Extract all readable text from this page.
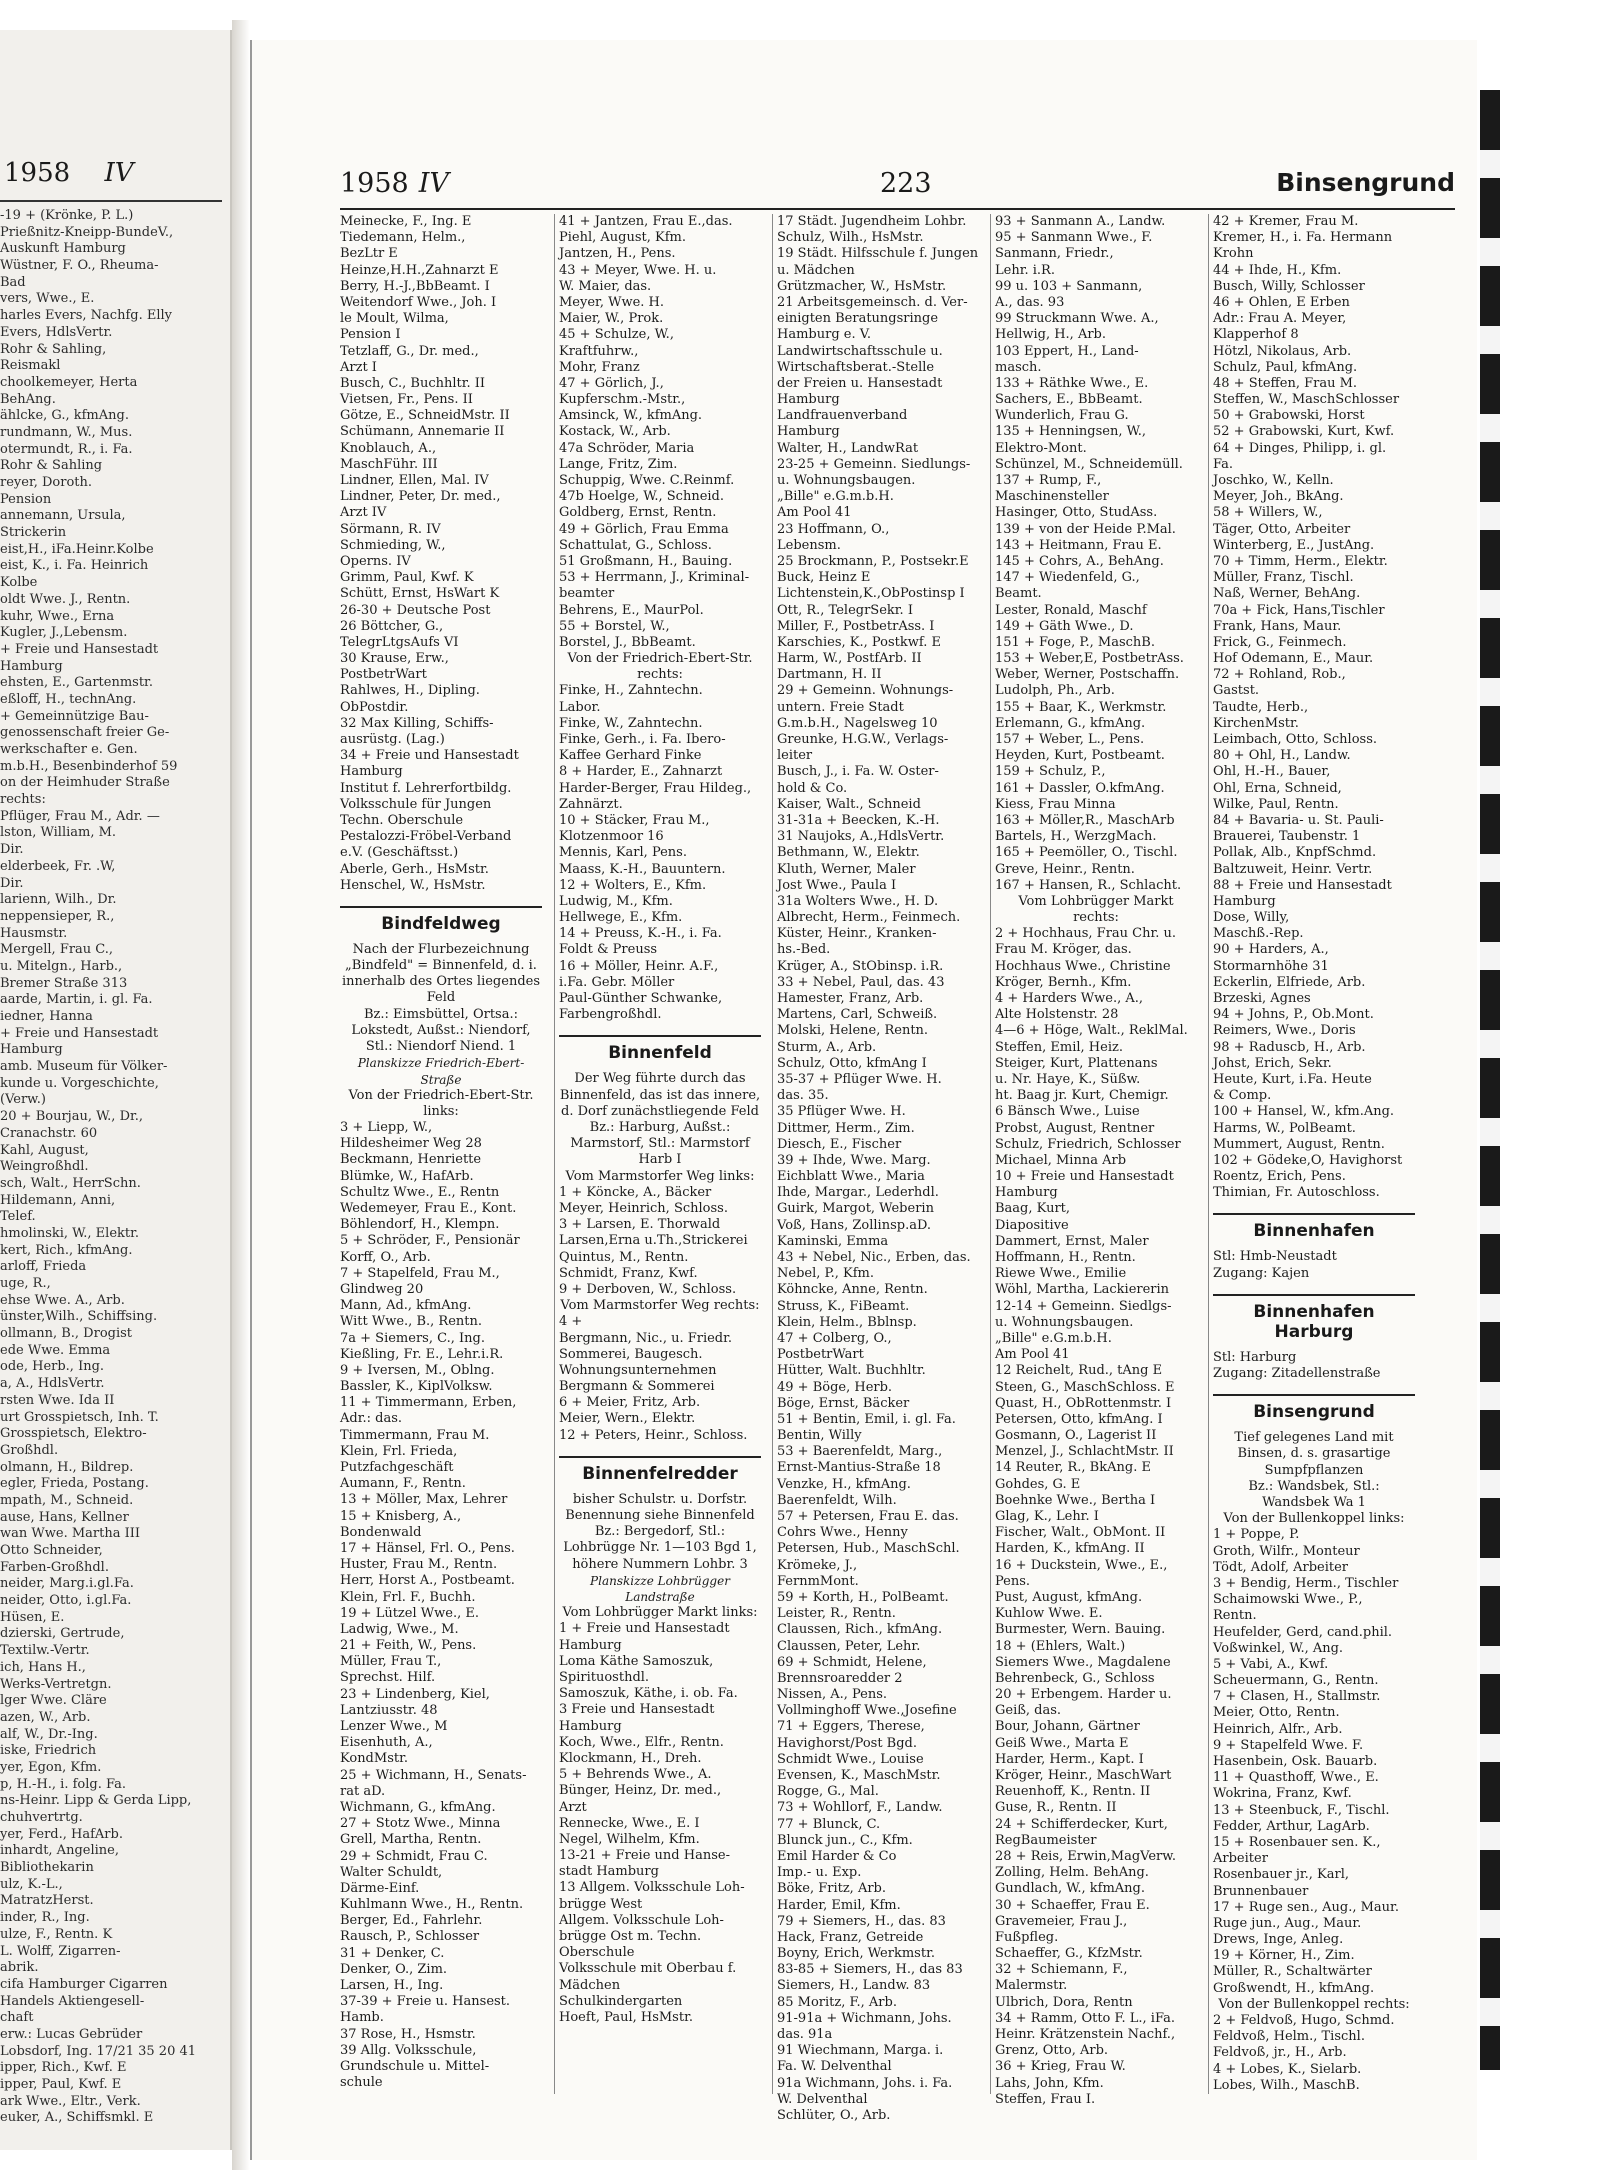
1958 IV
-19 + (Krönke, P. L.)
Prießnitz-Kneipp-BundeV.,
Auskunft Hamburg
Wüstner, F. O., Rheuma-
Bad
vers, Wwe., E.
harles Evers, Nachfg. Elly
Evers, HdlsVertr.
Rohr & Sahling,
Reismakl
choolkemeyer, Herta
BehAng.
ählcke, G., kfmAng.
rundmann, W., Mus.
otermundt, R., i. Fa.
Rohr & Sahling
reyer, Doroth.
Pension
annemann, Ursula,
Strickerin
eist,H., iFa.Heinr.Kolbe
eist, K., i. Fa. Heinrich
Kolbe
oldt Wwe. J., Rentn.
kuhr, Wwe., Erna
Kugler, J.,Lebensm.
+ Freie und Hansestadt
Hamburg
ehsten, E., Gartenmstr.
eßloff, H., technAng.
+ Gemeinnützige Bau-
genossenschaft freier Ge-
werkschafter e. Gen.
m.b.H., Besenbinderhof 59
on der Heimhuder Straße
rechts:
Pflüger, Frau M., Adr. —
lston, William, M.
Dir.
elderbeek, Fr. .W,
Dir.
larienn, Wilh., Dr.
neppensieper, R.,
Hausmstr.
Mergell, Frau C.,
u. Mitelgn., Harb.,
Bremer Straße 313
aarde, Martin, i. gl. Fa.
iedner, Hanna
+ Freie und Hansestadt
Hamburg
amb. Museum für Völker-
kunde u. Vorgeschichte,
(Verw.)
20 + Bourjau, W., Dr.,
Cranachstr. 60
Kahl, August,
Weingroßhdl.
sch, Walt., HerrSchn.
Hildemann, Anni,
Telef.
hmolinski, W., Elektr.
kert, Rich., kfmAng.
arloff, Frieda
uge, R.,
ehse Wwe. A., Arb.
ünster,Wilh., Schiffsing.
ollmann, B., Drogist
ede Wwe. Emma
ode, Herb., Ing.
a, A., HdlsVertr.
rsten Wwe. Ida II
urt Grosspietsch, Inh. T.
Grosspietsch, Elektro-
Großhdl.
olmann, H., Bildrep.
egler, Frieda, Postang.
mpath, M., Schneid.
ause, Hans, Kellner
wan Wwe. Martha III
Otto Schneider,
Farben-Großhdl.
neider, Marg.i.gl.Fa.
neider, Otto, i.gl.Fa.
Hüsen, E.
dzierski, Gertrude,
Textilw.-Vertr.
ich, Hans H.,
Werks-Vertretgn.
lger Wwe. Cläre
azen, W., Arb.
alf, W., Dr.-Ing.
iske, Friedrich
yer, Egon, Kfm.
p, H.-H., i. folg. Fa.
ns-Heinr. Lipp & Gerda Lipp,
chuhvertrtg.
yer, Ferd., HafArb.
inhardt, Angeline,
Bibliothekarin
ulz, K.-L.,
MatratzHerst.
inder, R., Ing.
ulze, F., Rentn. K
L. Wolff, Zigarren-
abrik.
cifa Hamburger Cigarren
Handels Aktiengesell-
chaft
erw.: Lucas Gebrüder
Lobsdorf, Ing. 17/21 35 20 41
ipper, Rich., Kwf. E
ipper, Paul, Kwf. E
ark Wwe., Eltr., Verk.
euker, A., Schiffsmkl. E
1958 IV	223	Binsengrund
Meinecke, F., Ing. E
Tiedemann, Helm.,
BezLtr E
Heinze,H.H.,Zahnarzt E
Berry, H.-J.,BbBeamt. I
Weitendorf Wwe., Joh. I
le Moult, Wilma,
Pension I
Tetzlaff, G., Dr. med.,
Arzt I
Busch, C., Buchhltr. II
Vietsen, Fr., Pens. II
Götze, E., SchneidMstr. II
Schümann, Annemarie II
Knoblauch, A.,
MaschFühr. III
Lindner, Ellen, Mal. IV
Lindner, Peter, Dr. med.,
Arzt IV
Sörmann, R. IV
Schmieding, W.,
Operns. IV
Grimm, Paul, Kwf. K
Schütt, Ernst, HsWart K
26-30 + Deutsche Post
26 Böttcher, G.,
TelegrLtgsAufs VI
30 Krause, Erw.,
PostbetrWart
Rahlwes, H., Dipling.
ObPostdir.
32 Max Killing, Schiffs-
ausrüstg. (Lag.)
34 + Freie und Hansestadt
Hamburg
Institut f. Lehrerfortbildg.
Volksschule für Jungen
Techn. Oberschule
Pestalozzi-Fröbel-Verband
e.V. (Geschäftsst.)
Aberle, Gerh., HsMstr.
Henschel, W., HsMstr.
Bindfeldweg
Nach der Flurbezeichnung „Bindfeld" = Binnenfeld, d. i. innerhalb des Ortes liegendes Feld
Bz.: Eimsbüttel, Ortsa.: Lokstedt, Außst.: Niendorf, Stl.: Niendorf Niend. 1
Planskizze Friedrich-Ebert-Straße
Von der Friedrich-Ebert-Str. links:
3 + Liepp, W.,
Hildesheimer Weg 28
Beckmann, Henriette
Blümke, W., HafArb.
Schultz Wwe., E., Rentn
Wedemeyer, Frau E., Kont.
Böhlendorf, H., Klempn.
5 + Schröder, F., Pensionär
Korff, O., Arb.
7 + Stapelfeld, Frau M.,
Glindweg 20
Mann, Ad., kfmAng.
Witt Wwe., B., Rentn.
7a + Siemers, C., Ing.
Kießling, Fr. E., Lehr.i.R.
9 + Iversen, M., Oblng.
Bassler, K., KiplVolksw.
11 + Timmermann, Erben,
Adr.: das.
Timmermann, Frau M.
Klein, Frl. Frieda,
Putzfachgeschäft
Aumann, F., Rentn.
13 + Möller, Max, Lehrer
15 + Knisberg, A.,
Bondenwald
17 + Hänsel, Frl. O., Pens.
Huster, Frau M., Rentn.
Herr, Horst A., Postbeamt.
Klein, Frl. F., Buchh.
19 + Lützel Wwe., E.
Ladwig, Wwe., M.
21 + Feith, W., Pens.
Müller, Frau T.,
Sprechst. Hilf.
23 + Lindenberg, Kiel,
Lantziusstr. 48
Lenzer Wwe., M
Eisenhuth, A.,
KondMstr.
25 + Wichmann, H., Senats-
rat aD.
Wichmann, G., kfmAng.
27 + Stotz Wwe., Minna
Grell, Martha, Rentn.
29 + Schmidt, Frau C.
Walter Schuldt,
Därme-Einf.
Kuhlmann Wwe., H., Rentn.
Berger, Ed., Fahrlehr.
Rausch, P., Schlosser
31 + Denker, C.
Denker, O., Zim.
Larsen, H., Ing.
37-39 + Freie u. Hansest.
Hamb.
37 Rose, H., Hsmstr.
39 Allg. Volksschule,
Grundschule u. Mittel-
schule
41 + Jantzen, Frau E.,das.
Piehl, August, Kfm.
Jantzen, H., Pens.
43 + Meyer, Wwe. H. u.
W. Maier, das.
Meyer, Wwe. H.
Maier, W., Prok.
45 + Schulze, W.,
Kraftfuhrw.,
Mohr, Franz
47 + Görlich, J.,
Kupferschm.-Mstr.,
Amsinck, W., kfmAng.
Kostack, W., Arb.
47a Schröder, Maria
Lange, Fritz, Zim.
Schuppig, Wwe. C.Reinmf.
47b Hoelge, W., Schneid.
Goldberg, Ernst, Rentn.
49 + Görlich, Frau Emma
Schattulat, G., Schloss.
51 Großmann, H., Bauing.
53 + Herrmann, J., Kriminal-
beamter
Behrens, E., MaurPol.
55 + Borstel, W.,
Borstel, J., BbBeamt.
Von der Friedrich-Ebert-Str. rechts:
Finke, H., Zahntechn.
Labor.
Finke, W., Zahntechn.
Finke, Gerh., i. Fa. Ibero-
Kaffee Gerhard Finke
8 + Harder, E., Zahnarzt
Harder-Berger, Frau Hildeg.,
Zahnärzt.
10 + Stäcker, Frau M.,
Klotzenmoor 16
Mennis, Karl, Pens.
Maass, K.-H., Bauuntern.
12 + Wolters, E., Kfm.
Ludwig, M., Kfm.
Hellwege, E., Kfm.
14 + Preuss, K.-H., i. Fa.
Foldt & Preuss
16 + Möller, Heinr. A.F.,
i.Fa. Gebr. Möller
Paul-Günther Schwanke,
Farbengroßhdl.
Binnenfeld
Der Weg führte durch das Binnenfeld, das ist das innere, d. Dorf zunächstliegende Feld
Bz.: Harburg, Außst.: Marmstorf, Stl.: Marmstorf Harb I
Vom Marmstorfer Weg links:
1 + Köncke, A., Bäcker
Meyer, Heinrich, Schloss.
3 + Larsen, E. Thorwald
Larsen,Erna u.Th.,Strickerei
Quintus, M., Rentn.
Schmidt, Franz, Kwf.
9 + Derboven, W., Schloss.
Vom Marmstorfer Weg rechts:
4 +
Bergmann, Nic., u. Friedr.
Sommerei, Baugesch.
Wohnungsunternehmen
Bergmann & Sommerei
6 + Meier, Fritz, Arb.
Meier, Wern., Elektr.
12 + Peters, Heinr., Schloss.
Binnenfelredder
bisher Schulstr. u. Dorfstr.
Benennung siehe Binnenfeld
Bz.: Bergedorf, Stl.: Lohbrügge Nr. 1—103 Bgd 1, höhere Nummern Lohbr. 3
Planskizze Lohbrügger Landstraße
Vom Lohbrügger Markt links:
1 + Freie und Hansestadt
Hamburg
Loma Käthe Samoszuk,
Spirituosthdl.
Samoszuk, Käthe, i. ob. Fa.
3 Freie und Hansestadt
Hamburg
Koch, Wwe., Elfr., Rentn.
Klockmann, H., Dreh.
5 + Behrends Wwe., A.
Bünger, Heinz, Dr. med.,
Arzt
Rennecke, Wwe., E. I
Negel, Wilhelm, Kfm.
13-21 + Freie und Hanse-
stadt Hamburg
13 Allgem. Volksschule Loh-
brügge West
Allgem. Volksschule Loh-
brügge Ost m. Techn.
Oberschule
Volksschule mit Oberbau f.
Mädchen
Schulkindergarten
Hoeft, Paul, HsMstr.
17 Städt. Jugendheim Lohbr.
Schulz, Wilh., HsMstr.
19 Städt. Hilfsschule f. Jungen
u. Mädchen
Grützmacher, W., HsMstr.
21 Arbeitsgemeinsch. d. Ver-
einigten Beratungsringe
Hamburg e. V.
Landwirtschaftsschule u.
Wirtschaftsberat.-Stelle
der Freien u. Hansestadt
Hamburg
Landfrauenverband
Hamburg
Walter, H., LandwRat
23-25 + Gemeinn. Siedlungs-
u. Wohnungsbaugen.
„Bille" e.G.m.b.H.
Am Pool 41
23 Hoffmann, O.,
Lebensm.
25 Brockmann, P., Postsekr.E
Buck, Heinz E
Lichtenstein,K.,ObPostinsp I
Ott, R., TelegrSekr. I
Miller, F., PostbetrAss. I
Karschies, K., Postkwf. E
Harm, W., PostfArb. II
Dartmann, H. II
29 + Gemeinn. Wohnungs-
untern. Freie Stadt
G.m.b.H., Nagelsweg 10
Greunke, H.G.W., Verlags-
leiter
Busch, J., i. Fa. W. Oster-
hold & Co.
Kaiser, Walt., Schneid
31-31a + Beecken, K.-H.
31 Naujoks, A.,HdlsVertr.
Bethmann, W., Elektr.
Kluth, Werner, Maler
Jost Wwe., Paula I
31a Wolters Wwe., H. D.
Albrecht, Herm., Feinmech.
Küster, Heinr., Kranken-
hs.-Bed.
Krüger, A., StObinsp. i.R.
33 + Nebel, Paul, das. 43
Hamester, Franz, Arb.
Martens, Carl, Schweiß.
Molski, Helene, Rentn.
Sturm, A., Arb.
Schulz, Otto, kfmAng I
35-37 + Pflüger Wwe. H.
das. 35.
35 Pflüger Wwe. H.
Dittmer, Herm., Zim.
Diesch, E., Fischer
39 + Ihde, Wwe. Marg.
Eichblatt Wwe., Maria
Ihde, Margar., Lederhdl.
Guirk, Margot, Weberin
Voß, Hans, Zollinsp.aD.
Kaminski, Emma
43 + Nebel, Nic., Erben, das.
Nebel, P., Kfm.
Köhncke, Anne, Rentn.
Struss, K., FiBeamt.
Klein, Helm., Bblnsp.
47 + Colberg, O.,
PostbetrWart
Hütter, Walt. Buchhltr.
49 + Böge, Herb.
Böge, Ernst, Bäcker
51 + Bentin, Emil, i. gl. Fa.
Bentin, Willy
53 + Baerenfeldt, Marg.,
Ernst-Mantius-Straße 18
Venzke, H., kfmAng.
Baerenfeldt, Wilh.
57 + Petersen, Frau E. das.
Cohrs Wwe., Henny
Petersen, Hub., MaschSchl.
Krömeke, J.,
FernmMont.
59 + Korth, H., PolBeamt.
Leister, R., Rentn.
Claussen, Rich., kfmAng.
Claussen, Peter, Lehr.
69 + Schmidt, Helene,
Brennsroaredder 2
Nissen, A., Pens.
Vollminghoff Wwe.,Josefine
71 + Eggers, Therese,
Havighorst/Post Bgd.
Schmidt Wwe., Louise
Evensen, K., MaschMstr.
Rogge, G., Mal.
73 + Wohllorf, F., Landw.
77 + Blunck, C.
Blunck jun., C., Kfm.
Emil Harder & Co
Imp.- u. Exp.
Böke, Fritz, Arb.
Harder, Emil, Kfm.
79 + Siemers, H., das. 83
Hack, Franz, Getreide
Boyny, Erich, Werkmstr.
83-85 + Siemers, H., das 83
Siemers, H., Landw. 83
85 Moritz, F., Arb.
91-91a + Wichmann, Johs.
das. 91a
91 Wiechmann, Marga. i.
Fa. W. Delventhal
91a Wichmann, Johs. i. Fa.
W. Delventhal
Schlüter, O., Arb.
93 + Sanmann A., Landw.
95 + Sanmann Wwe., F.
Sanmann, Friedr.,
Lehr. i.R.
99 u. 103 + Sanmann,
A., das. 93
99 Struckmann Wwe. A.,
Hellwig, H., Arb.
103 Eppert, H., Land-
masch.
133 + Räthke Wwe., E.
Sachers, E., BbBeamt.
Wunderlich, Frau G.
135 + Henningsen, W.,
Elektro-Mont.
Schünzel, M., Schneidemüll.
137 + Rump, F.,
Maschinensteller
Hasinger, Otto, StudAss.
139 + von der Heide P.Mal.
143 + Heitmann, Frau E.
145 + Cohrs, A., BehAng.
147 + Wiedenfeld, G.,
Beamt.
Lester, Ronald, Maschf
149 + Gäth Wwe., D.
151 + Foge, P., MaschB.
153 + Weber,E, PostbetrAss.
Weber, Werner, Postschaffn.
Ludolph, Ph., Arb.
155 + Baar, K., Werkmstr.
Erlemann, G., kfmAng.
157 + Weber, L., Pens.
Heyden, Kurt, Postbeamt.
159 + Schulz, P.,
161 + Dassler, O.kfmAng.
Kiess, Frau Minna
163 + Möller,R., MaschArb
Bartels, H., WerzgMach.
165 + Peemöller, O., Tischl.
Greve, Heinr., Rentn.
167 + Hansen, R., Schlacht.
Vom Lohbrügger Markt rechts:
2 + Hochhaus, Frau Chr. u.
Frau M. Kröger, das.
Hochhaus Wwe., Christine
Kröger, Bernh., Kfm.
4 + Harders Wwe., A.,
Alte Holstenstr. 28
4—6 + Höge, Walt., ReklMal.
Steffen, Emil, Heiz.
Steiger, Kurt, Plattenans
u. Nr. Haye, K., Süßw.
ht. Baag jr. Kurt, Chemigr.
6 Bänsch Wwe., Luise
Probst, August, Rentner
Schulz, Friedrich, Schlosser
Michael, Minna Arb
10 + Freie und Hansestadt
Hamburg
Baag, Kurt,
Diapositive
Dammert, Ernst, Maler
Hoffmann, H., Rentn.
Riewe Wwe., Emilie
Wöhl, Martha, Lackiererin
12-14 + Gemeinn. Siedlgs-
u. Wohnungsbaugen.
„Bille" e.G.m.b.H.
Am Pool 41
12 Reichelt, Rud., tAng E
Steen, G., MaschSchloss. E
Quast, H., ObRottenmstr. I
Petersen, Otto, kfmAng. I
Gosmann, O., Lagerist II
Menzel, J., SchlachtMstr. II
14 Reuter, R., BkAng. E
Gohdes, G. E
Boehnke Wwe., Bertha I
Glag, K., Lehr. I
Fischer, Walt., ObMont. II
Harden, K., kfmAng. II
16 + Duckstein, Wwe., E.,
Pens.
Pust, August, kfmAng.
Kuhlow Wwe. E.
Burmester, Wern. Bauing.
18 + (Ehlers, Walt.)
Siemers Wwe., Magdalene
Behrenbeck, G., Schloss
20 + Erbengem. Harder u.
Geiß, das.
Bour, Johann, Gärtner
Geiß Wwe., Marta E
Harder, Herm., Kapt. I
Kröger, Heinr., MaschWart
Reuenhoff, K., Rentn. II
Guse, R., Rentn. II
24 + Schifferdecker, Kurt,
RegBaumeister
28 + Reis, Erwin,MagVerw.
Zolling, Helm. BehAng.
Gundlach, W., kfmAng.
30 + Schaeffer, Frau E.
Gravemeier, Frau J.,
Fußpfleg.
Schaeffer, G., KfzMstr.
32 + Schiemann, F.,
Malermstr.
Ulbrich, Dora, Rentn
34 + Ramm, Otto F. L., iFa.
Heinr. Krätzenstein Nachf.,
Grenz, Otto, Arb.
36 + Krieg, Frau W.
Lahs, John, Kfm.
Steffen, Frau I.
42 + Kremer, Frau M.
Kremer, H., i. Fa. Hermann
Krohn
44 + Ihde, H., Kfm.
Busch, Willy, Schlosser
46 + Ohlen, E Erben
Adr.: Frau A. Meyer,
Klapperhof 8
Hötzl, Nikolaus, Arb.
Schulz, Paul, kfmAng.
48 + Steffen, Frau M.
Steffen, W., MaschSchlosser
50 + Grabowski, Horst
52 + Grabowski, Kurt, Kwf.
64 + Dinges, Philipp, i. gl.
Fa.
Joschko, W., Kelln.
Meyer, Joh., BkAng.
58 + Willers, W.,
Täger, Otto, Arbeiter
Winterberg, E., JustAng.
70 + Timm, Herm., Elektr.
Müller, Franz, Tischl.
Naß, Werner, BehAng.
70a + Fick, Hans,Tischler
Frank, Hans, Maur.
Frick, G., Feinmech.
Hof Odemann, E., Maur.
72 + Rohland, Rob.,
Gastst.
Taudte, Herb.,
KirchenMstr.
Leimbach, Otto, Schloss.
80 + Ohl, H., Landw.
Ohl, H.-H., Bauer,
Ohl, Erna, Schneid,
Wilke, Paul, Rentn.
84 + Bavaria- u. St. Pauli-
Brauerei, Taubenstr. 1
Pollak, Alb., KnpfSchmd.
Baltzuweit, Heinr. Vertr.
88 + Freie und Hansestadt
Hamburg
Dose, Willy,
Maschß.-Rep.
90 + Harders, A.,
Stormarnhöhe 31
Eckerlin, Elfriede, Arb.
Brzeski, Agnes
94 + Johns, P., Ob.Mont.
Reimers, Wwe., Doris
98 + Raduscb, H., Arb.
Johst, Erich, Sekr.
Heute, Kurt, i.Fa. Heute
& Comp.
100 + Hansel, W., kfm.Ang.
Harms, W., PolBeamt.
Mummert, August, Rentn.
102 + Gödeke,O, Havighorst
Roentz, Erich, Pens.
Thimian, Fr. Autoschloss.
Binnenhafen
Stl: Hmb-Neustadt
Zugang: Kajen
Binnenhafen Harburg
Stl: Harburg
Zugang: Zitadellenstraße
Binsengrund
Tief gelegenes Land mit Binsen, d. s. grasartige Sumpfpflanzen
Bz.: Wandsbek, Stl.: Wandsbek Wa 1
Von der Bullenkoppel links:
1 + Poppe, P.
Groth, Wilfr., Monteur
Tödt, Adolf, Arbeiter
3 + Bendig, Herm., Tischler
Schaimowski Wwe., P.,
Rentn.
Heufelder, Gerd, cand.phil.
Voßwinkel, W., Ang.
5 + Vabi, A., Kwf.
Scheuermann, G., Rentn.
7 + Clasen, H., Stallmstr.
Meier, Otto, Rentn.
Heinrich, Alfr., Arb.
9 + Stapelfeld Wwe. F.
Hasenbein, Osk. Bauarb.
11 + Quasthoff, Wwe., E.
Wokrina, Franz, Kwf.
13 + Steenbuck, F., Tischl.
Fedder, Arthur, LagArb.
15 + Rosenbauer sen. K.,
Arbeiter
Rosenbauer jr., Karl,
Brunnenbauer
17 + Ruge sen., Aug., Maur.
Ruge jun., Aug., Maur.
Drews, Inge, Anleg.
19 + Körner, H., Zim.
Müller, R., Schaltwärter
Großwendt, H., kfmAng.
Von der Bullenkoppel rechts:
2 + Feldvoß, Hugo, Schmd.
Feldvoß, Helm., Tischl.
Feldvoß, jr., H., Arb.
4 + Lobes, K., Sielarb.
Lobes, Wilh., MaschB.
